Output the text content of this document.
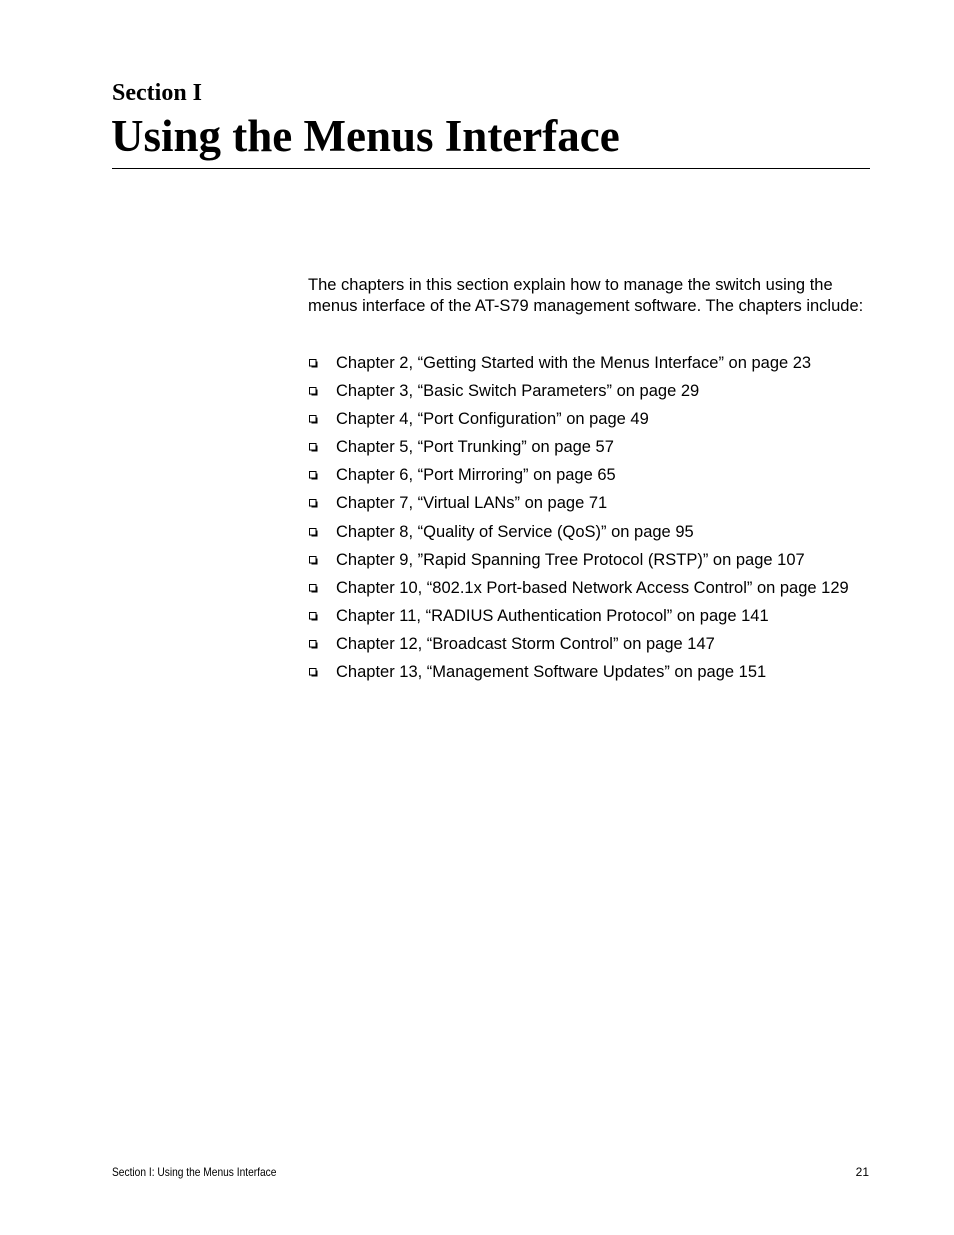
Section I
Using the Menus Interface

The chapters in this section explain how to manage the switch using the menus interface of the AT-S79 management software. The chapters include:

Chapter 2, “Getting Started with the Menus Interface” on page 23
Chapter 3, “Basic Switch Parameters” on page 29
Chapter 4, “Port Configuration” on page 49
Chapter 5, “Port Trunking” on page 57
Chapter 6, “Port Mirroring” on page 65
Chapter 7, “Virtual LANs” on page 71
Chapter 8, “Quality of Service (QoS)” on page 95
Chapter 9, ”Rapid Spanning Tree Protocol (RSTP)” on page 107
Chapter 10, “802.1x Port-based Network Access Control” on page 129
Chapter 11, “RADIUS Authentication Protocol” on page 141
Chapter 12, “Broadcast Storm Control” on page 147
Chapter 13, “Management Software Updates” on page 151
Section I: Using the Menus Interface	21
